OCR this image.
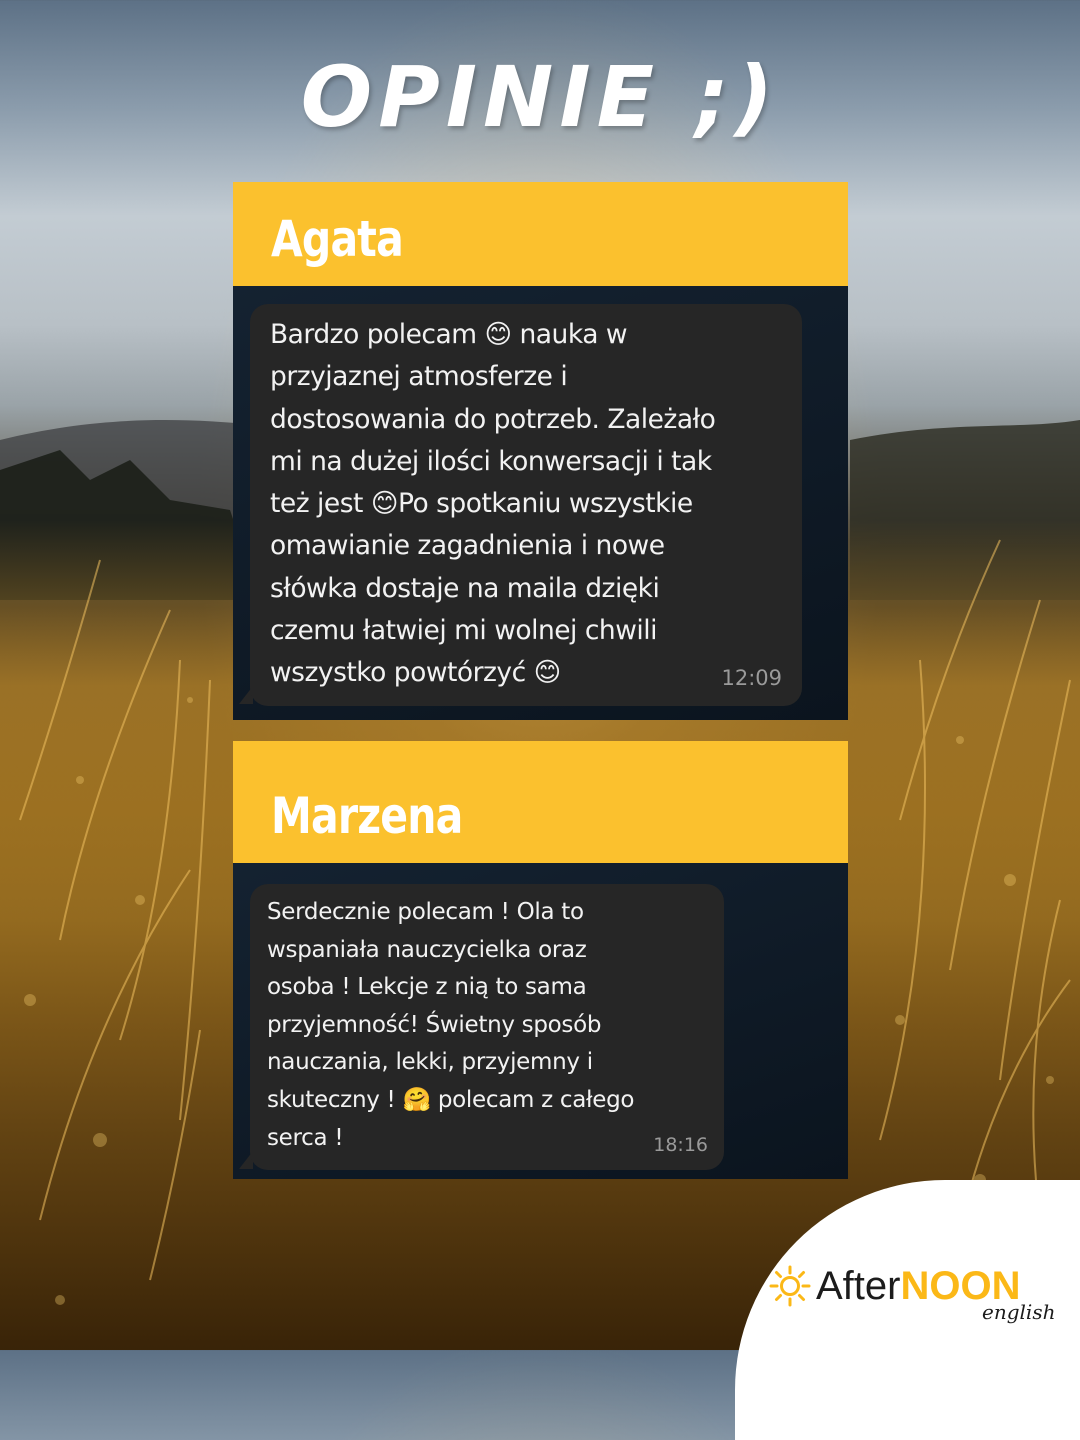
OPINIE ;)
Agata
Bardzo polecam 😊 nauka w
przyjaznej atmosferze i
dostosowania do potrzeb. Zależało
mi na dużej ilości konwersacji i tak
też jest 😊Po spotkaniu wszystkie
omawianie zagadnienia i nowe
słówka dostaje na maila dzięki
czemu łatwiej mi wolnej chwili
wszystko powtórzyć 😊	12:09
Marzena
Serdecznie polecam ! Ola to
wspaniała nauczycielka oraz
osoba ! Lekcje z nią to sama
przyjemność! Świetny sposób
nauczania, lekki, przyjemny i
skuteczny ! 🤗 polecam z całego
serca !	18:16
After NOON
english
